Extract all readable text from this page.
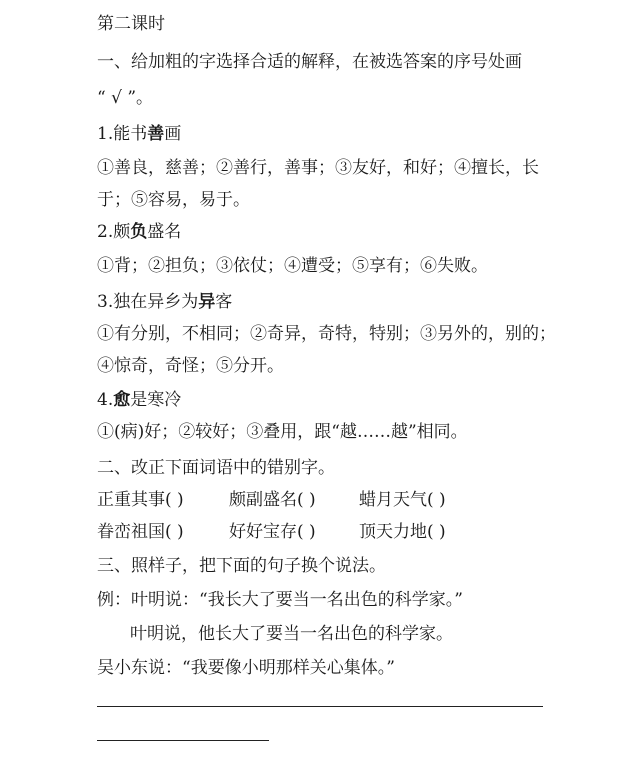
第二课时
一、给加粗的字选择合适的解释，在被选答案的序号处画
“ √ ”。
1.能书善画
①善良，慈善；②善行，善事；③友好，和好；④擅长，长
于；⑤容易，易于。
2.颇负盛名
①背；②担负；③依仗；④遭受；⑤享有；⑥失败。
3.独在异乡为异客
①有分别，不相同；②奇异，奇特，特别；③另外的，别的；
④惊奇，奇怪；⑤分开。
4.愈是寒冷
①(病)好；②较好；③叠用，跟“越……越”相同。
二、改正下面词语中的错别字。
正重其事( )	颇副盛名( )	蜡月天气( )
眷峦祖国( )	好好宝存( )	顶天力地( )
三、照样子，把下面的句子换个说法。
例：叶明说：“我长大了要当一名出色的科学家。”
叶明说，他长大了要当一名出色的科学家。
吴小东说：“我要像小明那样关心集体。”
